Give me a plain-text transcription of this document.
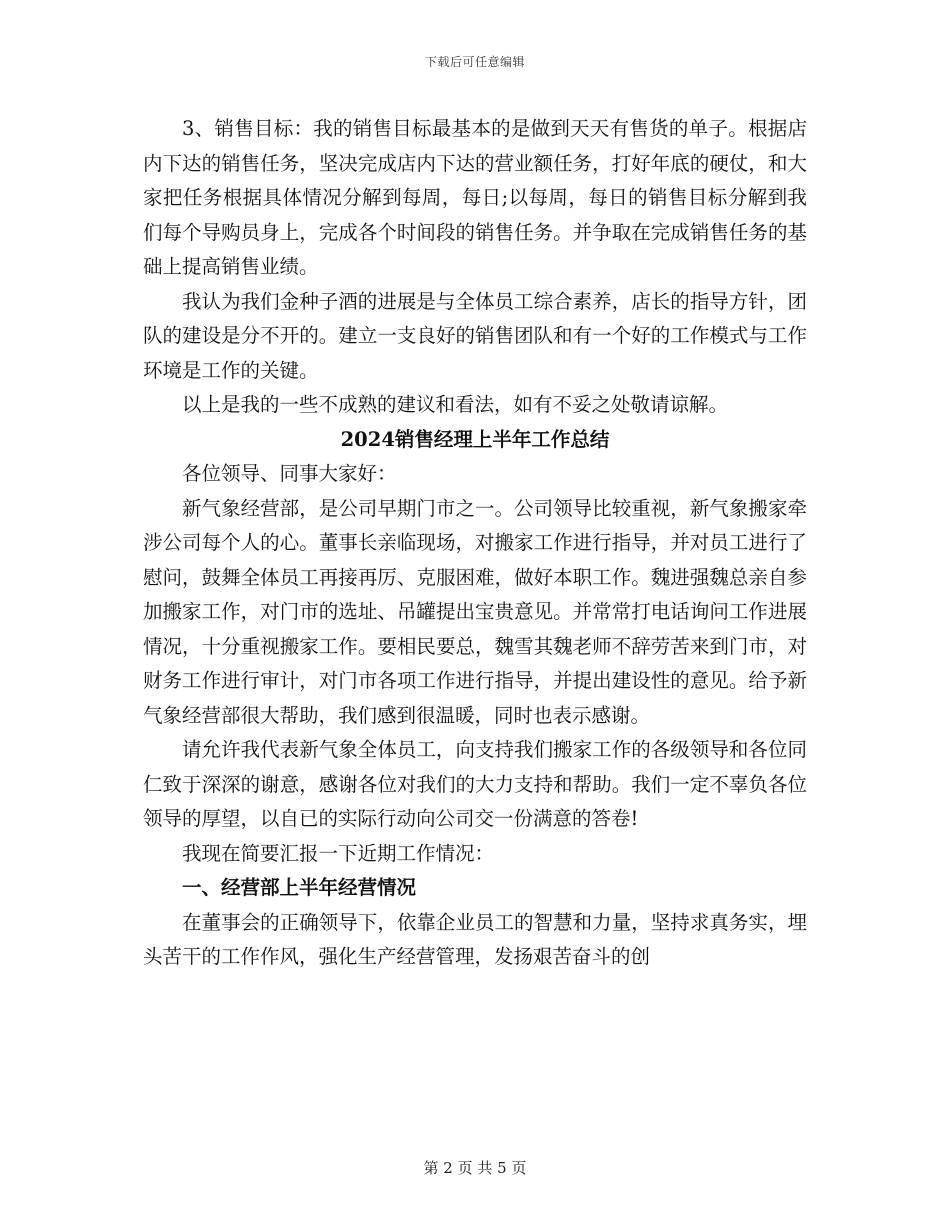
下载后可任意编辑

3、销售目标：我的销售目标最基本的是做到天天有售货的单子。根据店内下达的销售任务，坚决完成店内下达的营业额任务，打好年底的硬仗，和大家把任务根据具体情况分解到每周，每日;以每周，每日的销售目标分解到我们每个导购员身上，完成各个时间段的销售任务。并争取在完成销售任务的基础上提高销售业绩。

我认为我们金种子酒的进展是与全体员工综合素养，店长的指导方针，团队的建设是分不开的。建立一支良好的销售团队和有一个好的工作模式与工作环境是工作的关键。

以上是我的一些不成熟的建议和看法，如有不妥之处敬请谅解。

2024销售经理上半年工作总结

各位领导、同事大家好：

新气象经营部，是公司早期门市之一。公司领导比较重视，新气象搬家牵涉公司每个人的心。董事长亲临现场，对搬家工作进行指导，并对员工进行了慰问，鼓舞全体员工再接再厉、克服困难，做好本职工作。魏进强魏总亲自参加搬家工作，对门市的选址、吊罐提出宝贵意见。并常常打电话询问工作进展情况，十分重视搬家工作。要相民要总，魏雪其魏老师不辞劳苦来到门市，对财务工作进行审计，对门市各项工作进行指导，并提出建设性的意见。给予新气象经营部很大帮助，我们感到很温暖，同时也表示感谢。

请允许我代表新气象全体员工，向支持我们搬家工作的各级领导和各位同仁致于深深的谢意，感谢各位对我们的大力支持和帮助。我们一定不辜负各位领导的厚望，以自已的实际行动向公司交一份满意的答卷!

我现在简要汇报一下近期工作情况：

一、经营部上半年经营情况

在董事会的正确领导下，依靠企业员工的智慧和力量，坚持求真务实，埋头苦干的工作作风，强化生产经营管理，发扬艰苦奋斗的创

第 2 页 共 5 页
